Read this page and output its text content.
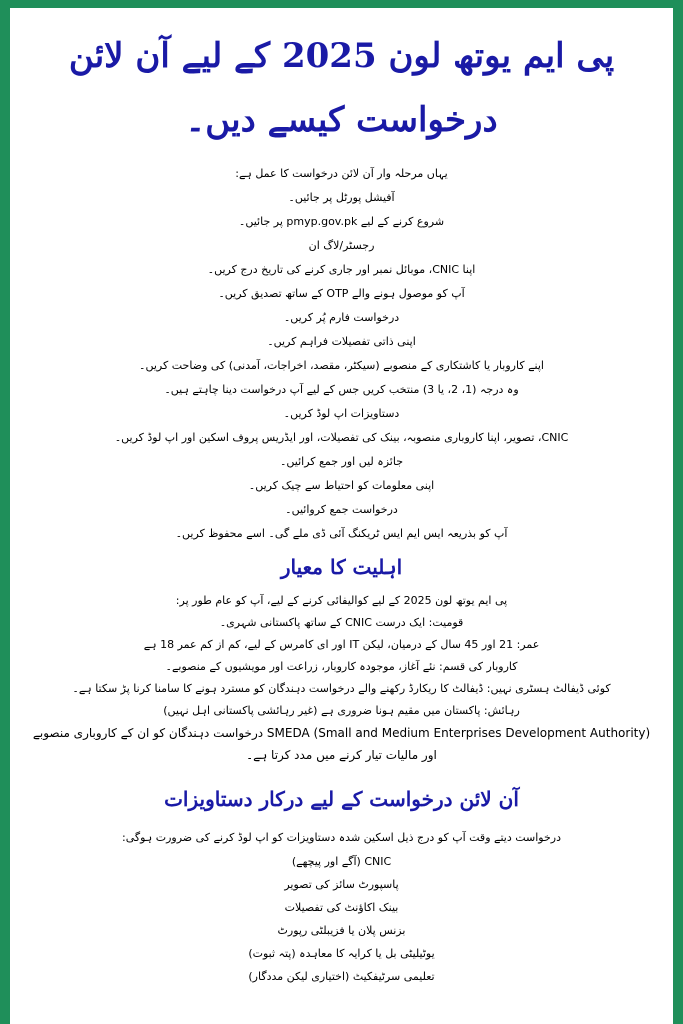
پی ایم یوتھ لون 2025 کے لیے آن لائن درخواست کیسے دیں۔

یہاں مرحلہ وار آن لائن درخواست کا عمل ہے:

آفیشل پورٹل پر جائیں۔
شروع کرنے کے لیے pmyp.gov.pk پر جائیں۔
رجسٹر/لاگ ان
اپنا CNIC، موبائل نمبر اور جاری کرنے کی تاریخ درج کریں۔
آپ کو موصول ہونے والے OTP کے ساتھ تصدیق کریں۔
درخواست فارم پُر کریں۔
اپنی ذاتی تفصیلات فراہم کریں۔
اپنے کاروبار یا کاشتکاری کے منصوبے (سیکٹر، مقصد، اخراجات، آمدنی) کی وضاحت کریں۔
وہ درجہ (1، 2، یا 3) منتخب کریں جس کے لیے آپ درخواست دینا چاہتے ہیں۔
دستاویزات اپ لوڈ کریں۔
CNIC، تصویر، اپنا کاروباری منصوبہ، بینک کی تفصیلات، اور ایڈریس پروف اسکین اور اپ لوڈ کریں۔
جائزہ لیں اور جمع کرائیں۔
اپنی معلومات کو احتیاط سے چیک کریں۔
درخواست جمع کروائیں۔
آپ کو بذریعہ ایس ایم ایس ٹریکنگ آئی ڈی ملے گی۔ اسے محفوظ کریں۔
اہلیت کا معیار
پی ایم یوتھ لون 2025 کے لیے کوالیفائی کرنے کے لیے، آپ کو عام طور پر:
قومیت: ایک درست CNIC کے ساتھ پاکستانی شہری۔
عمر: 21 اور 45 سال کے درمیان، لیکن IT اور ای کامرس کے لیے، کم از کم عمر 18 ہے
کاروبار کی قسم: نئے آغاز، موجودہ کاروبار، زراعت اور مویشیوں کے منصوبے۔
کوئی ڈیفالٹ ہسٹری نہیں: ڈیفالٹ کا ریکارڈ رکھنے والے درخواست دہندگان کو مسترد ہونے کا سامنا کرنا پڑ سکتا ہے۔
رہائش: پاکستان میں مقیم ہونا ضروری ہے (غیر رہائشی پاکستانی اہل نہیں)
SMEDA (Small and Medium Enterprises Development Authority) درخواست دہندگان کو ان کے کاروباری منصوبے اور مالیات تیار کرنے میں مدد کرتا ہے۔
آن لائن درخواست کے لیے درکار دستاویزات

درخواست دیتے وقت آپ کو درج ذیل اسکین شدہ دستاویزات کو اپ لوڈ کرنے کی ضرورت ہوگی:

CNIC (آگے اور پیچھے)
پاسپورٹ سائز کی تصویر
بینک اکاؤنٹ کی تفصیلات
بزنس پلان یا فزیبلٹی رپورٹ
یوٹیلیٹی بل یا کرایہ کا معاہدہ (پتہ ثبوت)
تعلیمی سرٹیفکیٹ (اختیاری لیکن مددگار)
